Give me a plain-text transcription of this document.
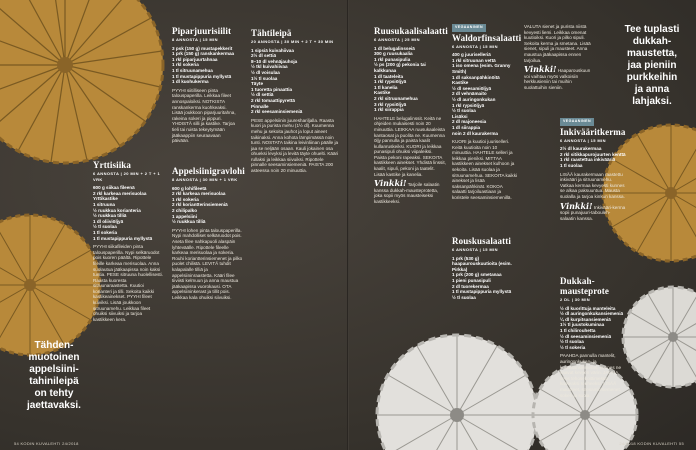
Piparjuurisiilit
8 ANNOSTA | 15 MIN
3 psk (150 g) mustapekkerit
1 prk (150 g) ranskankermaa
1 rkl piparjuurtahnaa
1 rkl sokeria
1 tl sitruunamehua
1 tl mustapippuria myllystä
1 dl kuohukerma

PYYHI siitilliseen pinta talouspaperilla. Leikkaa fileet annospaloiksi. NOTKISTA ranskankerma kuohkeaksi. Lisää joukkoon piparjuuritahna, rakeina sokeri ja pippuri. YHDISTÄ silli ja kastike. Tarjoa tieli tai ruista tekeytymään jääkaappiin seuraavaan päivään.

Tähtileipä
20 ANNOSTA | 30 MIN + 2 T + 30 MIN
1 sipsiä kuivahiivaa
2½ dl settiä
8–10 dl vehnäjauhoja
½ tkl kuivahiivaa
½ dl voisulaa
1½ tl suolaa
Täyte
1 tuoretta pinaattia
½ dl settiä
2 rkl tomaattipyrettä
Pinnalle
2 rkl seesaminsiemeniä

PESE appelsiinin juureshariljalla. Raasta kuori ja purista mehu (1½ dl). Kuumenna mehu ja sekoita jauhot ja loput aineet taikinaksi. Anna kohota lämpimässä noin tunti. NOSTATA taikina leivinliinan päälle ja jaa se neljään osaan. Kauli jokainen osa ohueksi levyksi ja levitä täyte ohuelti. Kääri rullaksi ja leikkaa siivuiksi. Ripottele pinnalle seesaminsiemeniä. PAISTA 200 asteessa noin 20 minuuttia.

Yrttisiika
6 ANNOSTA | 20 MIN + 2 T + 1 VRK
600 g siikaa fileenä
2 rkl karkeaa merisuolaa
Yrttikastike
1 sitruuna
½ ruukkua korianteria
½ ruukkua tilliä
1 dl oliiviöljyä
½ tl suolaa
1 tl sokeria
1 tl mustapippuria myllystä

PYYHI siikafileiden pinta talouspaperilla. Nypi selkäruodot pois kuoren päältä. Ripottele fileille karkeaa merisuolaa. Anna suolautua jääkaapissa noin kaksi tuntia. PESE sitruuna huolellisesti. Raasta kuoresta sitruunaraastetta. Kuutioi korianteri ja tilli. Sekoita kaikki kastikeainekset. PYYHI fileet kuiviksi. Lisää joukkoon sitruunamehu. Leikkaa fileet ohuiksi siivuiksi ja tarjoa kastikkeen kera.

Appelsiinigravlohi
8 ANNOSTA | 30 MIN + 1 VRK
600 g lohifileetä
2 rkl karkeaa merisuolaa
1 rkl sokeria
2 rkl koriantterinsiemeniä
2 chilipalko
1 appelsiini
½ ruukkua tilliä

PYYHI lohen pinta talouspaperilla. Nypi mahdolliset selkäruodot pois. Aseta filee nahkapuoli alaspäin lyhteväälle. Ripottele fileelle karkeaa merisuolaa ja sokeria. Rouhi koriantterinsiemenet ja pilko puolet chilistä. LEVITÄ tuhdit kalapalalle tilliä ja appelsiininraastetta. Kääri filee tiiviisti kelmuun ja anna maustua jääkaapissa vuorokausi. OTA appelsiininkerast ja tillit pois. Leikkaa kala ohuiksi siivuiksi.

Tähden-
muotoinen
appelsiini-
tahinileipä
on tehty
jaettavaksi.
54 KODIN KUVALEHTI 24/2018
Ruusukaalisalaatti
6 ANNOSTA | 25 MIN
1 dl belugalinsseiä
300 g ruusukaalia
1 rkl punasipulia
½ ps (200 g) pekonia tai kalkkunaa
1 dl taateleita
1 rkl rypsiöljyä
1 tl kanelia
Kastike
2 rkl sitruunamehua
3 rkl rypsiöljyä
1 rkl siirappia

HAHTELE belugalinssit. Keitä ne ohjeiden mukaisesti noin 20 minuuttia. LEIKKAA ruusukaaleista kantaosat ja puolita ne. Kuumenna öljy pannulla ja paista kaalit kullanruskeiksi. KUORI ja leikkaa punasipuli ohuiksi viipaleiksi. Paista pekoni rapeaksi. SEKOITA kastikkeen ainekset. Yhdistä linssit, kaalit, sipuli, pekoni ja taatelit. Lisää kastike ja kanelia.

Vinkki! Tarjoile salaatin kanssa dukkah-mausteprotetta, joka sopii myös mausteiseksi kastikkeeksi.

VEGAANINEN
Waldorfinsalaatti
6 ANNOSTA | 15 MIN
400 g juuriselleriä
1 rkl sitruunan vettä
1 iso omena (esim. Granny Smith)
1 dl saksanpähkinöitä
Kastike
½ dl seesamiöljyä
2 dl vehnämaito
½ dl auringonkukan
1 rkl rypsiöljyä
½ tl suolaa
Lisäksi
2 dl majoneesia
1 dl siirappia
noin 2 dl kaurakerma

KUORI ja kuutioi juuriselleri. Keitä kuutioita noin 10 minuuttia. HAHTELE selleri ja leikkaa pieniksi. MITTAA kastikkeen ainekset kulhoon ja sekoita. Lisää suolaa ja sitruunamehua. SEKOITA kaikki ainekset ja lisää saksanpähkinät. KOKOA salaatti tarjoiluastiaan ja koristele seesaminsiemenillä.

Rouskusalaatti
6 ANNOSTA | 15 MIN
1 prk (530 g) haapaurouskuutioita (esim. Pirkka)
1 prk (200 g) smetanaa
1 pieni punasipuli
2 dl tuorekermaa
1 tl mustapippuria myllystä
½ tl suolaa

VALUTA sienet ja purista niistä kevyesti liemi. Leikkaa omenat kuutioiksi. Kuori ja pilko sipuli. Sekoita kerma ja smetana. Lisää sienet, sipuli ja mausteet. Anna maustua jääkaapissa ennen tarjoilua.

Vinkki! Haaparouskuun voi vaihtaa myös valkoisiin herkkusieniin tai muihin suolattuihin sieniin.

VEGAANINEN
Inkivääritkerma
6 ANNOSTA | 15 MIN
2½ dl kaurakermaa
2 rkl sitikkapurojuurten kenttä
1 rkl raastettua inkivääriä
1 tl suolaa

LISÄÄ kaurakermaan raastettu inkivääri ja sitruunamehu. Vatkaa kermaa kevyesti kunnes se alkaa paksuuntua. Mausta suolalla ja tarjoa kinkun kanssa.

Vinkki! Inkivääri-kerma sopii punajuuri-tabouleh-salaatin kanssa.

Dukkah-mausteprote
2 DL | 30 MIN
½ dl kuorittuja manteleita
½ dl auringonkukansiemeniä
¼ dl kurpitsansiemeniä
1½ tl juustokuminaa
1 tl chilirouhetta
½ dl seesaminsiemeniä
½ tl suolaa
½ tl sokeria

PAAHDA pannulla mantelit, auringonkukan- ja kurpitsansiemenet, kunnes ne saavat kevyen värin. JAUHA seos tehosekoittimessa karkeaksi rouheeksi. LISÄÄ mausteet, seesaminsiemenet, sokeri ja suola.

Tee tuplasti
dukkah-
maustetta,
jaa pieniin
purkkeihin
ja anna
lahjaksi.
24/2018 KODIN KUVALEHTI 55
